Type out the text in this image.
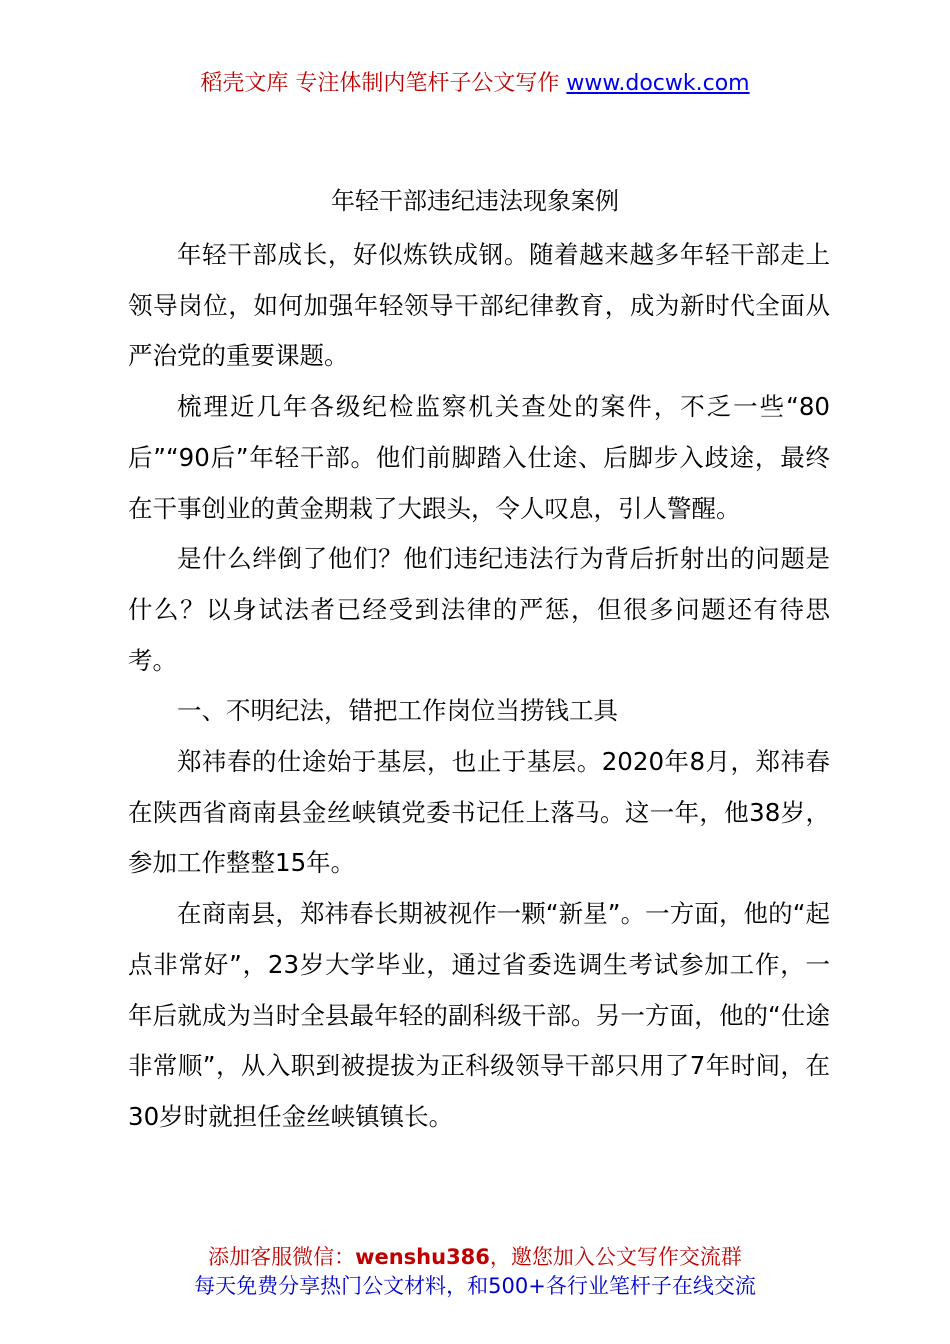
稻壳文库 专注体制内笔杆子公文写作 www.docwk.com
年轻干部违纪违法现象案例

年轻干部成长，好似炼铁成钢。随着越来越多年轻干部走上领导岗位，如何加强年轻领导干部纪律教育，成为新时代全面从严治党的重要课题。

梳理近几年各级纪检监察机关查处的案件，不乏一些“80后”“90后”年轻干部。他们前脚踏入仕途、后脚步入歧途，最终在干事创业的黄金期栽了大跟头，令人叹息，引人警醒。

是什么绊倒了他们？他们违纪违法行为背后折射出的问题是什么？以身试法者已经受到法律的严惩，但很多问题还有待思考。

一、不明纪法，错把工作岗位当捞钱工具

郑祎春的仕途始于基层，也止于基层。2020年8月，郑祎春在陕西省商南县金丝峡镇党委书记任上落马。这一年，他38岁，参加工作整整15年。

在商南县，郑祎春长期被视作一颗“新星”。一方面，他的“起点非常好”，23岁大学毕业，通过省委选调生考试参加工作，一年后就成为当时全县最年轻的副科级干部。另一方面，他的“仕途非常顺”，从入职到被提拔为正科级领导干部只用了7年时间，在30岁时就担任金丝峡镇镇长。

添加客服微信：wenshu386，邀您加入公文写作交流群
每天免费分享热门公文材料，和500+各行业笔杆子在线交流
